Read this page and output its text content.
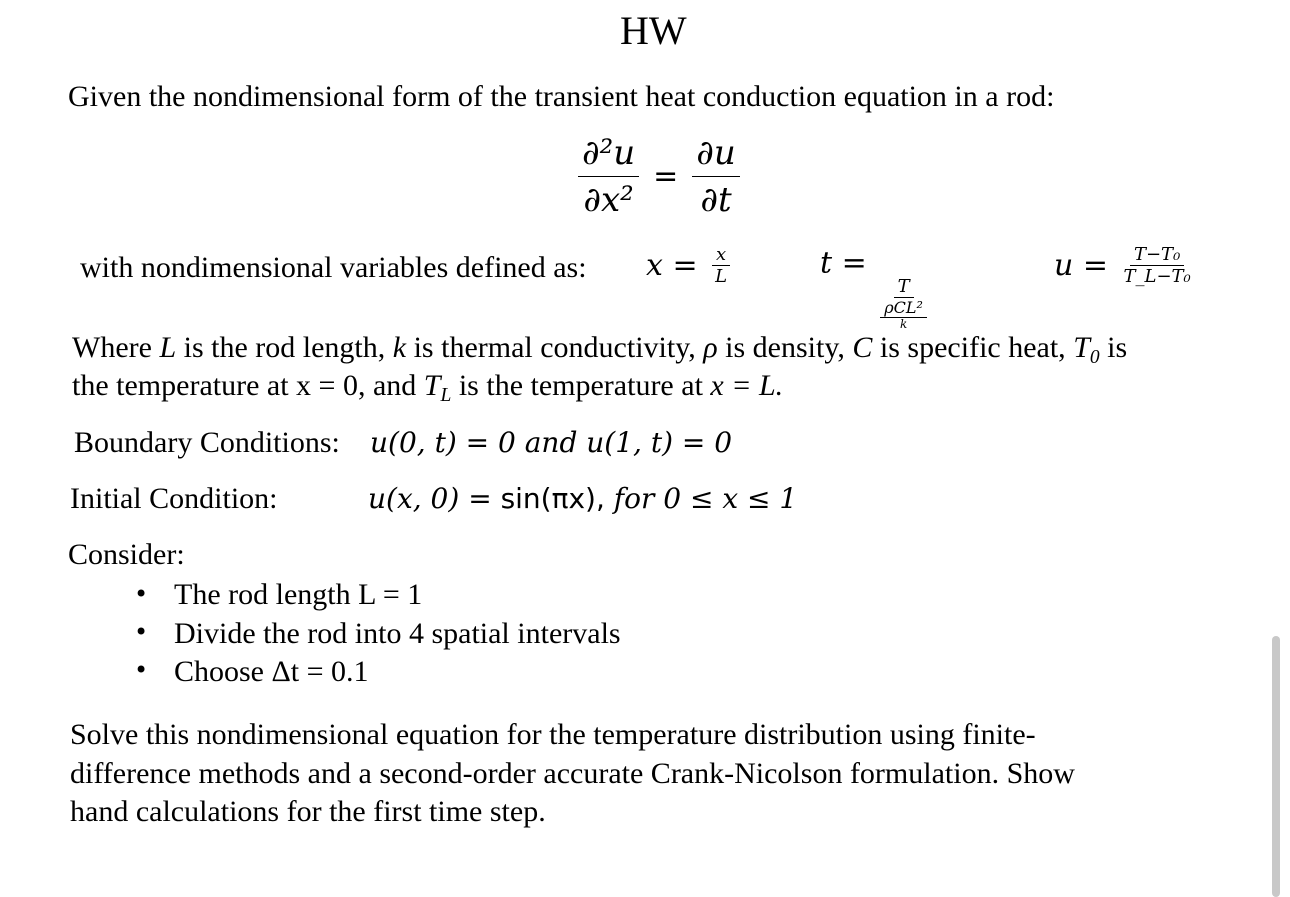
HW
Given the nondimensional form of the transient heat conduction equation in a rod:
$\frac{\text{∂²u}}{\text{∂x²}} = \frac{\partial u}{\partial t}$
with nondimensional variables defined as: $x = \frac{x}{L}$	t =
$\frac{T}{\frac{\text{ρCL²}}{k}}$
$u = \frac{\text{T−T₀}}{\text{T\_L−T₀}}$
Where L is the rod length, k is thermal conductivity, ρ is density, C is specific heat, $T_0$ is
the temperature at x = 0, and $T_L$ is the temperature at x = L.
Boundary Conditions: u(0, t) = 0 and u(1, t) = 0
Initial Condition:	u(x, 0) = sin(πx), for 0 ≤ x ≤ 1
Consider:
• The rod length L = 1
• Divide the rod into 4 spatial intervals
• Choose Δt = 0.1
Solve this nondimensional equation for the temperature distribution using finite-
difference methods and a second-order accurate Crank-Nicolson formulation. Show
hand calculations for the first time step.
